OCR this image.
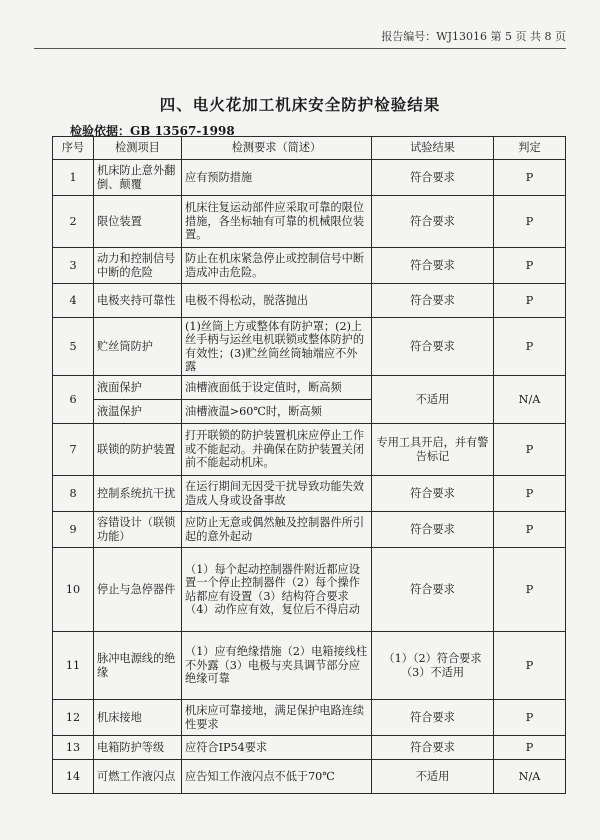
报告编号：WJ13016 第 5 页 共 8 页
四、电火花加工机床安全防护检验结果
检验依据：GB 13567-1998
序号	检测项目	检测要求（简述）	试验结果	判定
1	机床防止意外翻倒、颠覆	应有预防措施	符合要求	P
2	限位装置	机床往复运动部件应采取可靠的限位措施，各坐标轴有可靠的机械限位装置。	符合要求	P
3	动力和控制信号中断的危险	防止在机床紧急停止或控制信号中断造成冲击危险。	符合要求	P
4	电极夹持可靠性	电极不得松动，脱落抛出	符合要求	P
5	贮丝筒防护	(1)丝筒上方或整体有防护罩；(2)上丝手柄与运丝电机联锁或整体防护的有效性；(3)贮丝筒丝筒轴端应不外露	符合要求	P
6	液面保护	油槽液面低于设定值时，断高频	不适用	N/A
	液温保护	油槽液温>60℃时，断高频		
7	联锁的防护装置	打开联锁的防护装置机床应停止工作或不能起动。并确保在防护装置关闭前不能起动机床。	专用工具开启，并有警告标记	P
8	控制系统抗干扰	在运行期间无因受干扰导致功能失效造成人身或设备事故	符合要求	P
9	容错设计（联锁功能）	应防止无意或偶然触及控制器件所引起的意外起动	符合要求	P
10	停止与急停器件	（1）每个起动控制器件附近都应设置一个停止控制器件（2）每个操作站都应有设置（3）结构符合要求（4）动作应有效，复位后不得启动	符合要求	P
11	脉冲电源线的绝缘	（1）应有绝缘措施（2）电箱接线柱不外露（3）电极与夹具调节部分应绝缘可靠	（1）（2）符合要求（3）不适用	P
12	机床接地	机床应可靠接地，满足保护电路连续性要求	符合要求	P
13	电箱防护等级	应符合IP54要求	符合要求	P
14	可燃工作液闪点	应告知工作液闪点不低于70℃	不适用	N/A
